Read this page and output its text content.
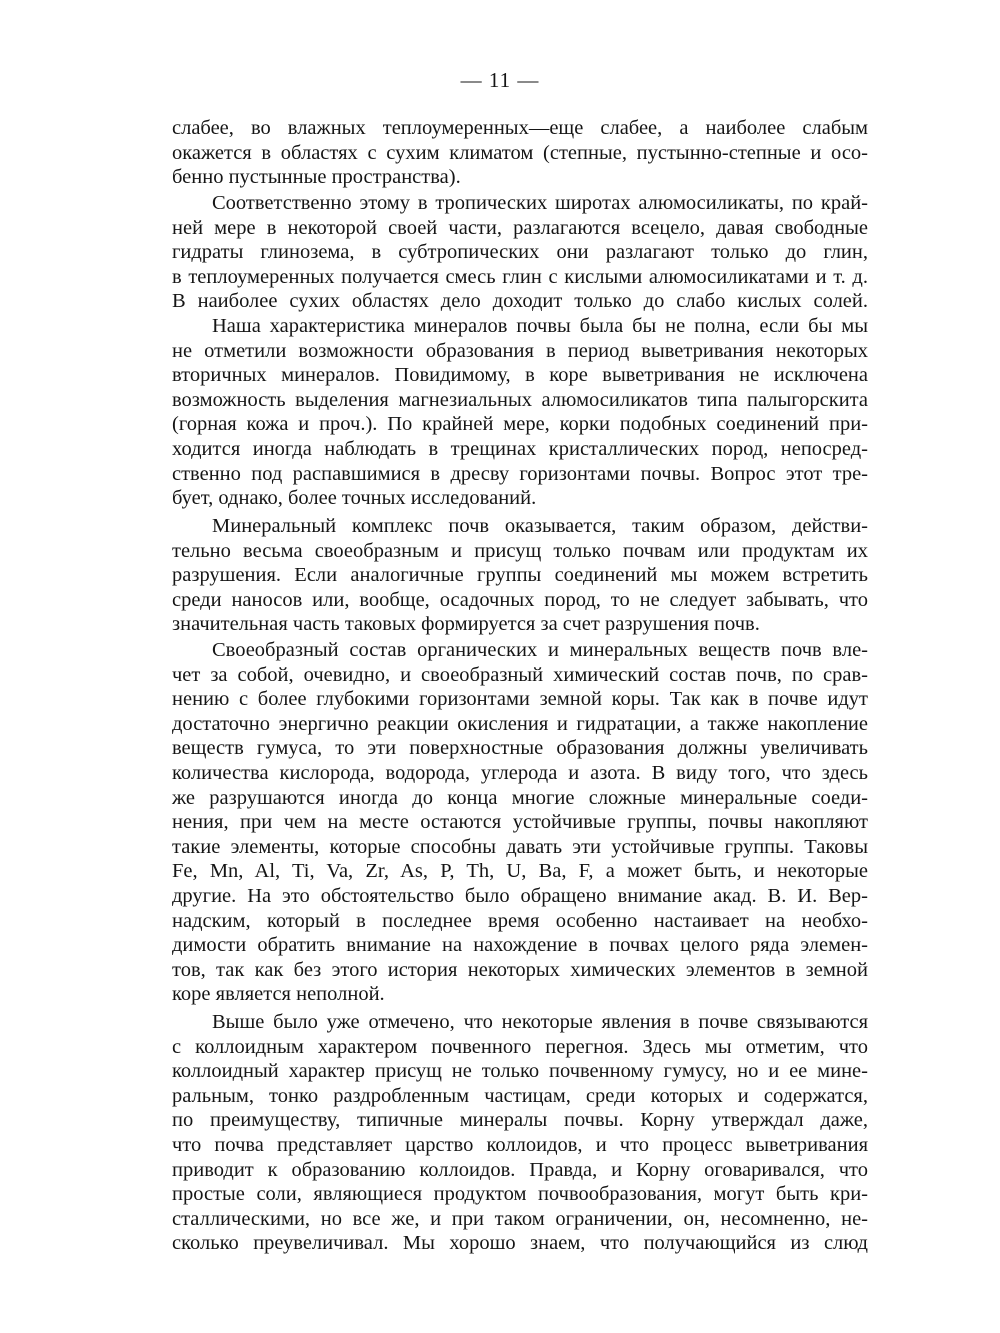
— 11 —
слабее, во влажных теплоумеренных—еще слабее, а наиболее слабым
окажется в областях с сухим климатом (степные, пустынно-степные и осо-
бенно пустынные пространства).
Соответственно этому в тропических широтах алюмосиликаты, по край-
ней мере в некоторой своей части, разлагаются всецело, давая свободные
гидраты глинозема, в субтропических они разлагают только до глин,
в теплоумеренных получается смесь глин с кислыми алюмосиликатами и т. д.
В наиболее сухих областях дело доходит только до слабо кислых солей.
Наша характеристика минералов почвы была бы не полна, если бы мы
не отметили возможности образования в период выветривания некоторых
вторичных минералов. Повидимому, в коре выветривания не исключена
возможность выделения магнезиальных алюмосиликатов типа палыгорскита
(горная кожа и проч.). По крайней мере, корки подобных соединений при-
ходится иногда наблюдать в трещинах кристаллических пород, непосред-
ственно под распавшимися в дресву горизонтами почвы. Вопрос этот тре-
бует, однако, более точных исследований.
Минеральный комплекс почв оказывается, таким образом, действи-
тельно весьма своеобразным и присущ только почвам или продуктам их
разрушения. Если аналогичные группы соединений мы можем встретить
среди наносов или, вообще, осадочных пород, то не следует забывать, что
значительная часть таковых формируется за счет разрушения почв.
Своеобразный состав органических и минеральных веществ почв вле-
чет за собой, очевидно, и своеобразный химический состав почв, по срав-
нению с более глубокими горизонтами земной коры. Так как в почве идут
достаточно энергично реакции окисления и гидратации, а также накопление
веществ гумуса, то эти поверхностные образования должны увеличивать
количества кислорода, водорода, углерода и азота. В виду того, что здесь
же разрушаются иногда до конца многие сложные минеральные соеди-
нения, при чем на месте остаются устойчивые группы, почвы накопляют
такие элементы, которые способны давать эти устойчивые группы. Таковы
Fe, Mn, Al, Ti, Va, Zr, As, P, Th, U, Ba, F, а может быть, и некоторые
другие. На это обстоятельство было обращено внимание акад. В. И. Вер-
надским, который в последнее время особенно настаивает на необхо-
димости обратить внимание на нахождение в почвах целого ряда элемен-
тов, так как без этого история некоторых химических элементов в земной
коре является неполной.
Выше было уже отмечено, что некоторые явления в почве связываются
с коллоидным характером почвенного перегноя. Здесь мы отметим, что
коллоидный характер присущ не только почвенному гумусу, но и ее мине-
ральным, тонко раздробленным частицам, среди которых и содержатся,
по преимуществу, типичные минералы почвы. Корну утверждал даже,
что почва представляет царство коллоидов, и что процесс выветривания
приводит к образованию коллоидов. Правда, и Корну оговаривался, что
простые соли, являющиеся продуктом почвообразования, могут быть кри-
сталлическими, но все же, и при таком ограничении, он, несомненно, не-
сколько преувеличивал. Мы хорошо знаем, что получающийся из слюд
